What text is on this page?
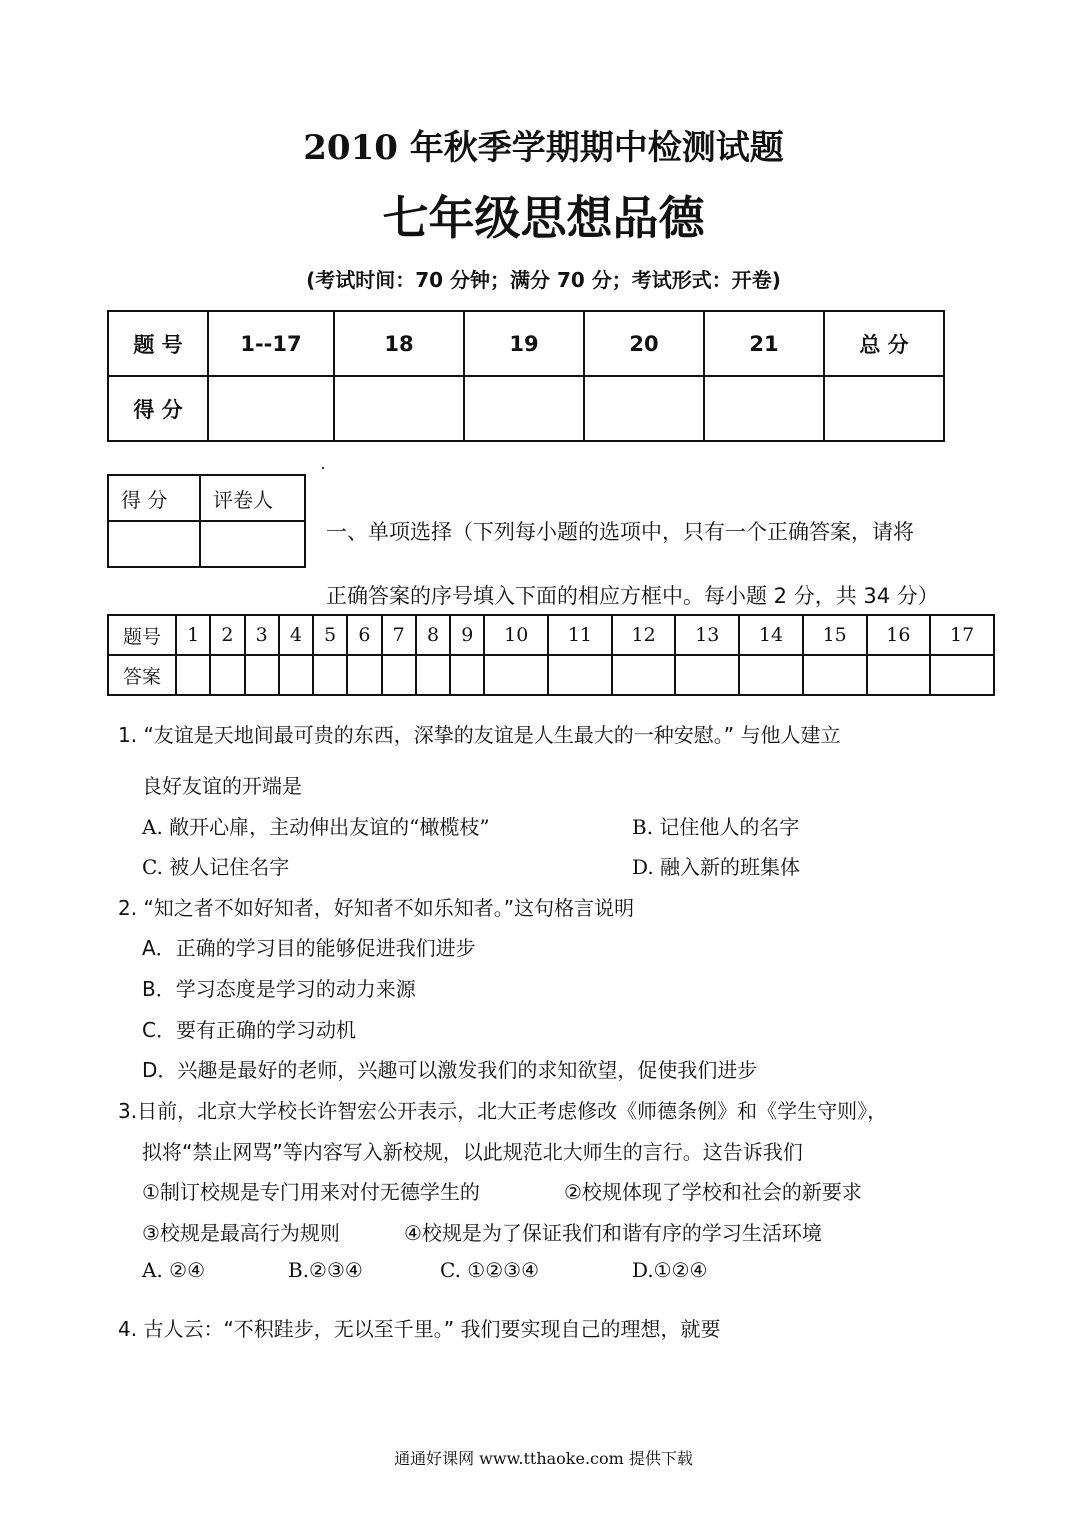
2010 年秋季学期期中检测试题
七年级思想品德
(考试时间：70 分钟；满分 70 分；考试形式：开卷)
题 号	1--17	18	19	20	21	总 分
得 分						
得 分	评卷人

一、单项选择（下列每小题的选项中，只有一个正确答案，请将
正确答案的序号填入下面的相应方框中。每小题 2 分，共 34 分）
题号	1	2	3	4	5	6	7	8	9	10	11	12	13	14	15	16	17
答案																	
1. “友谊是天地间最可贵的东西，深挚的友谊是人生最大的一种安慰。” 与他人建立
良好友谊的开端是
A. 敞开心扉，主动伸出友谊的“橄榄枝”	B. 记住他人的名字
C. 被人记住名字	D. 融入新的班集体
2. “知之者不如好知者，好知者不如乐知者。”这句格言说明
A．正确的学习目的能够促进我们进步
B．学习态度是学习的动力来源
C．要有正确的学习动机
D．兴趣是最好的老师，兴趣可以激发我们的求知欲望，促使我们进步
3.日前，北京大学校长许智宏公开表示，北大正考虑修改《师德条例》和《学生守则》，
拟将“禁止网骂”等内容写入新校规，以此规范北大师生的言行。这告诉我们
①制订校规是专门用来对付无德学生的	②校规体现了学校和社会的新要求
③校规是最高行为规则	④校规是为了保证我们和谐有序的学习生活环境
A. ②④	B.②③④	C. ①②③④	D.①②④
4. 古人云：“不积跬步，无以至千里。” 我们要实现自己的理想，就要
通通好课网 www.tthaoke.com 提供下载
